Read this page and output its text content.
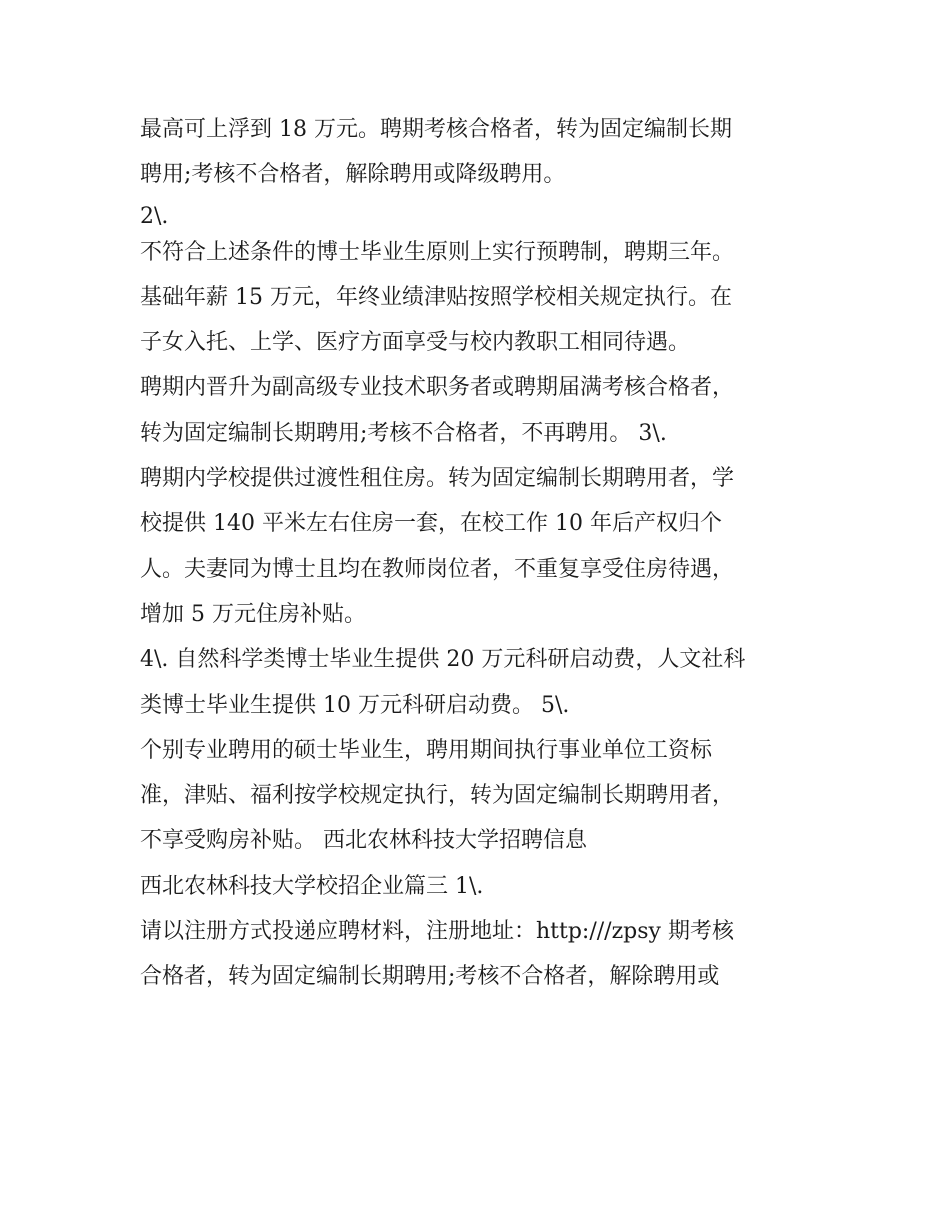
最高可上浮到 18 万元。聘期考核合格者，转为固定编制长期
聘用;考核不合格者，解除聘用或降级聘用。
2\.
不符合上述条件的博士毕业生原则上实行预聘制，聘期三年。
基础年薪 15 万元，年终业绩津贴按照学校相关规定执行。在
子女入托、上学、医疗方面享受与校内教职工相同待遇。
聘期内晋升为副高级专业技术职务者或聘期届满考核合格者，
转为固定编制长期聘用;考核不合格者，不再聘用。 3\.
聘期内学校提供过渡性租住房。转为固定编制长期聘用者，学
校提供 140 平米左右住房一套，在校工作 10 年后产权归个
人。夫妻同为博士且均在教师岗位者，不重复享受住房待遇，
增加 5 万元住房补贴。
4\. 自然科学类博士毕业生提供 20 万元科研启动费，人文社科
类博士毕业生提供 10 万元科研启动费。 5\.
个别专业聘用的硕士毕业生，聘用期间执行事业单位工资标
准，津贴、福利按学校规定执行，转为固定编制长期聘用者，
不享受购房补贴。 西北农林科技大学招聘信息
西北农林科技大学校招企业篇三 1\.
请以注册方式投递应聘材料，注册地址：http:///zpsy 期考核
合格者，转为固定编制长期聘用;考核不合格者，解除聘用或
